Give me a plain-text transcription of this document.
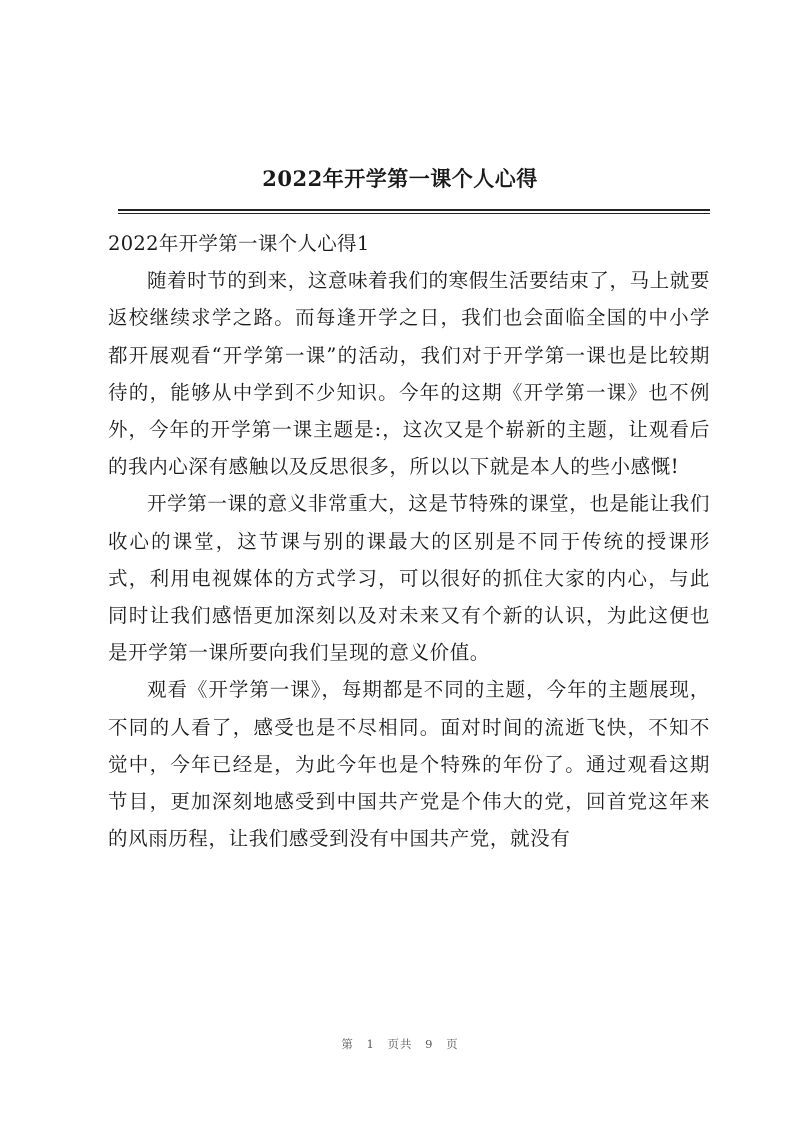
2022年开学第一课个人心得
2022年开学第一课个人心得1

随着时节的到来，这意味着我们的寒假生活要结束了，马上就要返校继续求学之路。而每逢开学之日，我们也会面临全国的中小学都开展观看“开学第一课”的活动，我们对于开学第一课也是比较期待的，能够从中学到不少知识。今年的这期《开学第一课》也不例外，今年的开学第一课主题是:，这次又是个崭新的主题，让观看后的我内心深有感触以及反思很多，所以以下就是本人的些小感慨!

开学第一课的意义非常重大，这是节特殊的课堂，也是能让我们收心的课堂，这节课与别的课最大的区别是不同于传统的授课形式，利用电视媒体的方式学习，可以很好的抓住大家的内心，与此同时让我们感悟更加深刻以及对未来又有个新的认识，为此这便也是开学第一课所要向我们呈现的意义价值。

观看《开学第一课》，每期都是不同的主题，今年的主题展现，不同的人看了，感受也是不尽相同。面对时间的流逝飞快，不知不觉中，今年已经是，为此今年也是个特殊的年份了。通过观看这期节目，更加深刻地感受到中国共产党是个伟大的党，回首党这年来的风雨历程，让我们感受到没有中国共产党，就没有

第 1 页共 9 页
